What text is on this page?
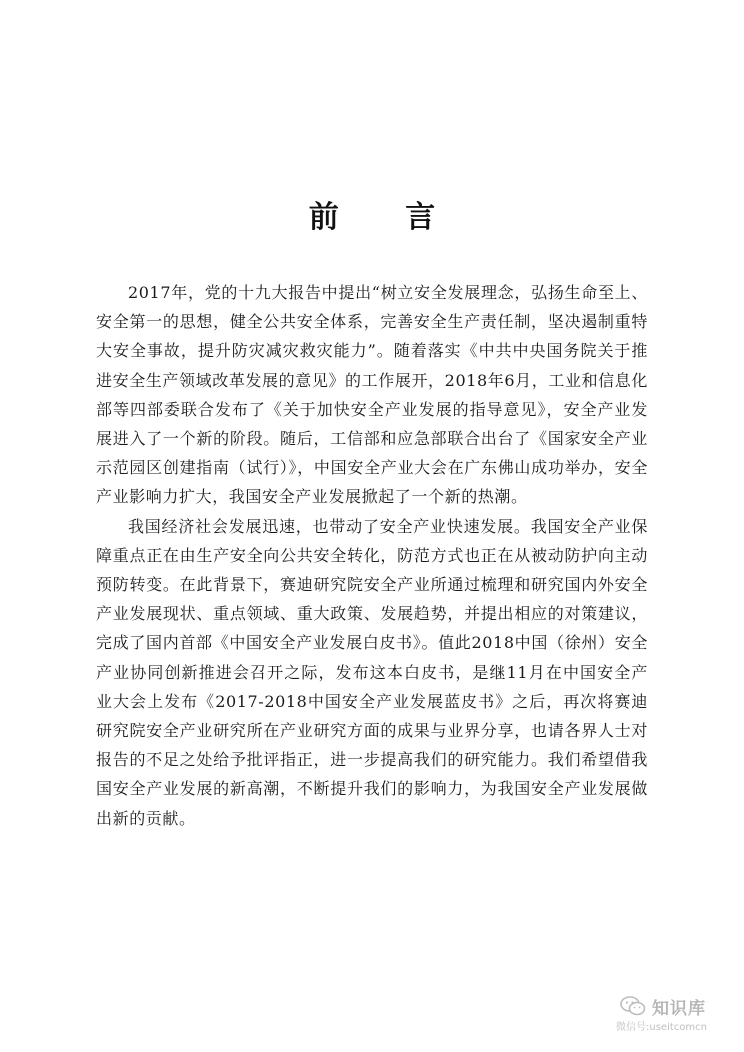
前 言

2017年，党的十九大报告中提出“树立安全发展理念，弘扬生命至上、安全第一的思想，健全公共安全体系，完善安全生产责任制，坚决遏制重特大安全事故，提升防灾减灾救灾能力”。随着落实《中共中央国务院关于推进安全生产领域改革发展的意见》的工作展开，2018年6月，工业和信息化部等四部委联合发布了《关于加快安全产业发展的指导意见》，安全产业发展进入了一个新的阶段。随后，工信部和应急部联合出台了《国家安全产业示范园区创建指南（试行）》，中国安全产业大会在广东佛山成功举办，安全产业影响力扩大，我国安全产业发展掀起了一个新的热潮。

我国经济社会发展迅速，也带动了安全产业快速发展。我国安全产业保障重点正在由生产安全向公共安全转化，防范方式也正在从被动防护向主动预防转变。在此背景下，赛迪研究院安全产业所通过梳理和研究国内外安全产业发展现状、重点领域、重大政策、发展趋势，并提出相应的对策建议，完成了国内首部《中国安全产业发展白皮书》。值此2018中国（徐州）安全产业协同创新推进会召开之际，发布这本白皮书，是继11月在中国安全产业大会上发布《2017-2018中国安全产业发展蓝皮书》之后，再次将赛迪研究院安全产业研究所在产业研究方面的成果与业界分享，也请各界人士对报告的不足之处给予批评指正，进一步提高我们的研究能力。我们希望借我国安全产业发展的新高潮，不断提升我们的影响力，为我国安全产业发展做出新的贡献。

知识库
微信号:useitcomcn
